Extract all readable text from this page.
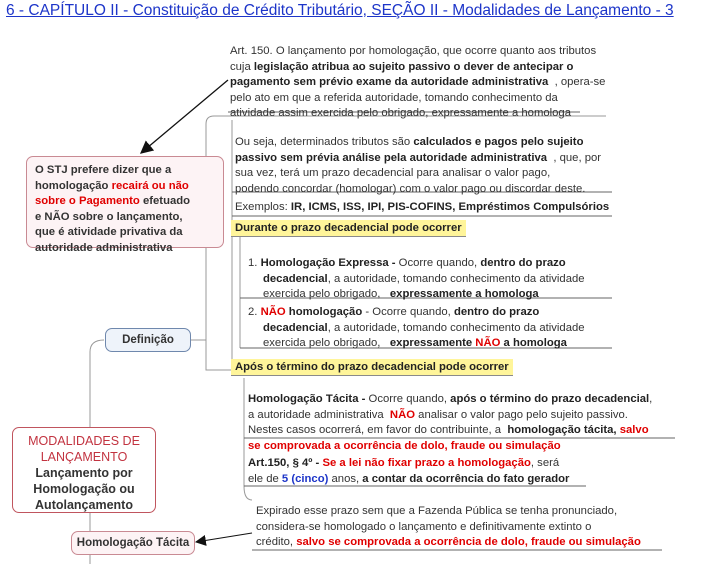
6 - CAPÍTULO II - Constituição de Crédito Tributário, SEÇÃO II - Modalidades de Lançamento - 3
Art. 150. O lançamento por homologação, que ocorre quanto aos tributos
cuja legislação atribua ao sujeito passivo o dever de antecipar o
pagamento sem prévio exame da autoridade administrativa , opera-se
pelo ato em que a referida autoridade, tomando conhecimento da
atividade assim exercida pelo obrigado, expressamente a homologa
Ou seja, determinados tributos são calculados e pagos pelo sujeito
passivo sem prévia análise pela autoridade administrativa , que, por
sua vez, terá um prazo decadencial para analisar o valor pago,
podendo concordar (homologar) com o valor pago ou discordar deste.
Exemplos: IR, ICMS, ISS, IPI, PIS-COFINS, Empréstimos Compulsórios
Durante o prazo decadencial pode ocorrer
1. Homologação Expressa - Ocorre quando, dentro do prazo
decadencial, a autoridade, tomando conhecimento da atividade
exercida pelo obrigado,   expressamente a homologa
2. NÃO homologação - Ocorre quando, dentro do prazo
decadencial, a autoridade, tomando conhecimento da atividade
exercida pelo obrigado,   expressamente NÃO a homologa
Após o término do prazo decadencial pode ocorrer
Homologação Tácita - Ocorre quando, após o término do prazo decadencial,
a autoridade administrativa  NÃO analisar o valor pago pelo sujeito passivo.
Nestes casos ocorrerá, em favor do contribuinte, a  homologação tácita, salvo
se comprovada a ocorrência de dolo, fraude ou simulação
Art.150, § 4º - Se a lei não fixar prazo a homologação, será
ele de 5 (cinco) anos, a contar da ocorrência do fato gerador
Expirado esse prazo sem que a Fazenda Pública se tenha pronunciado,
considera-se homologado o lançamento e definitivamente extinto o
crédito, salvo se comprovada a ocorrência de dolo, fraude ou simulação
O STJ prefere dizer que a
homologação recairá ou não
sobre o Pagamento efetuado
e NÃO sobre o lançamento,
que é atividade privativa da
autoridade administrativa
Definição
MODALIDADES DE
LANÇAMENTO
Lançamento por
Homologação ou
Autolançamento
Homologação Tácita
